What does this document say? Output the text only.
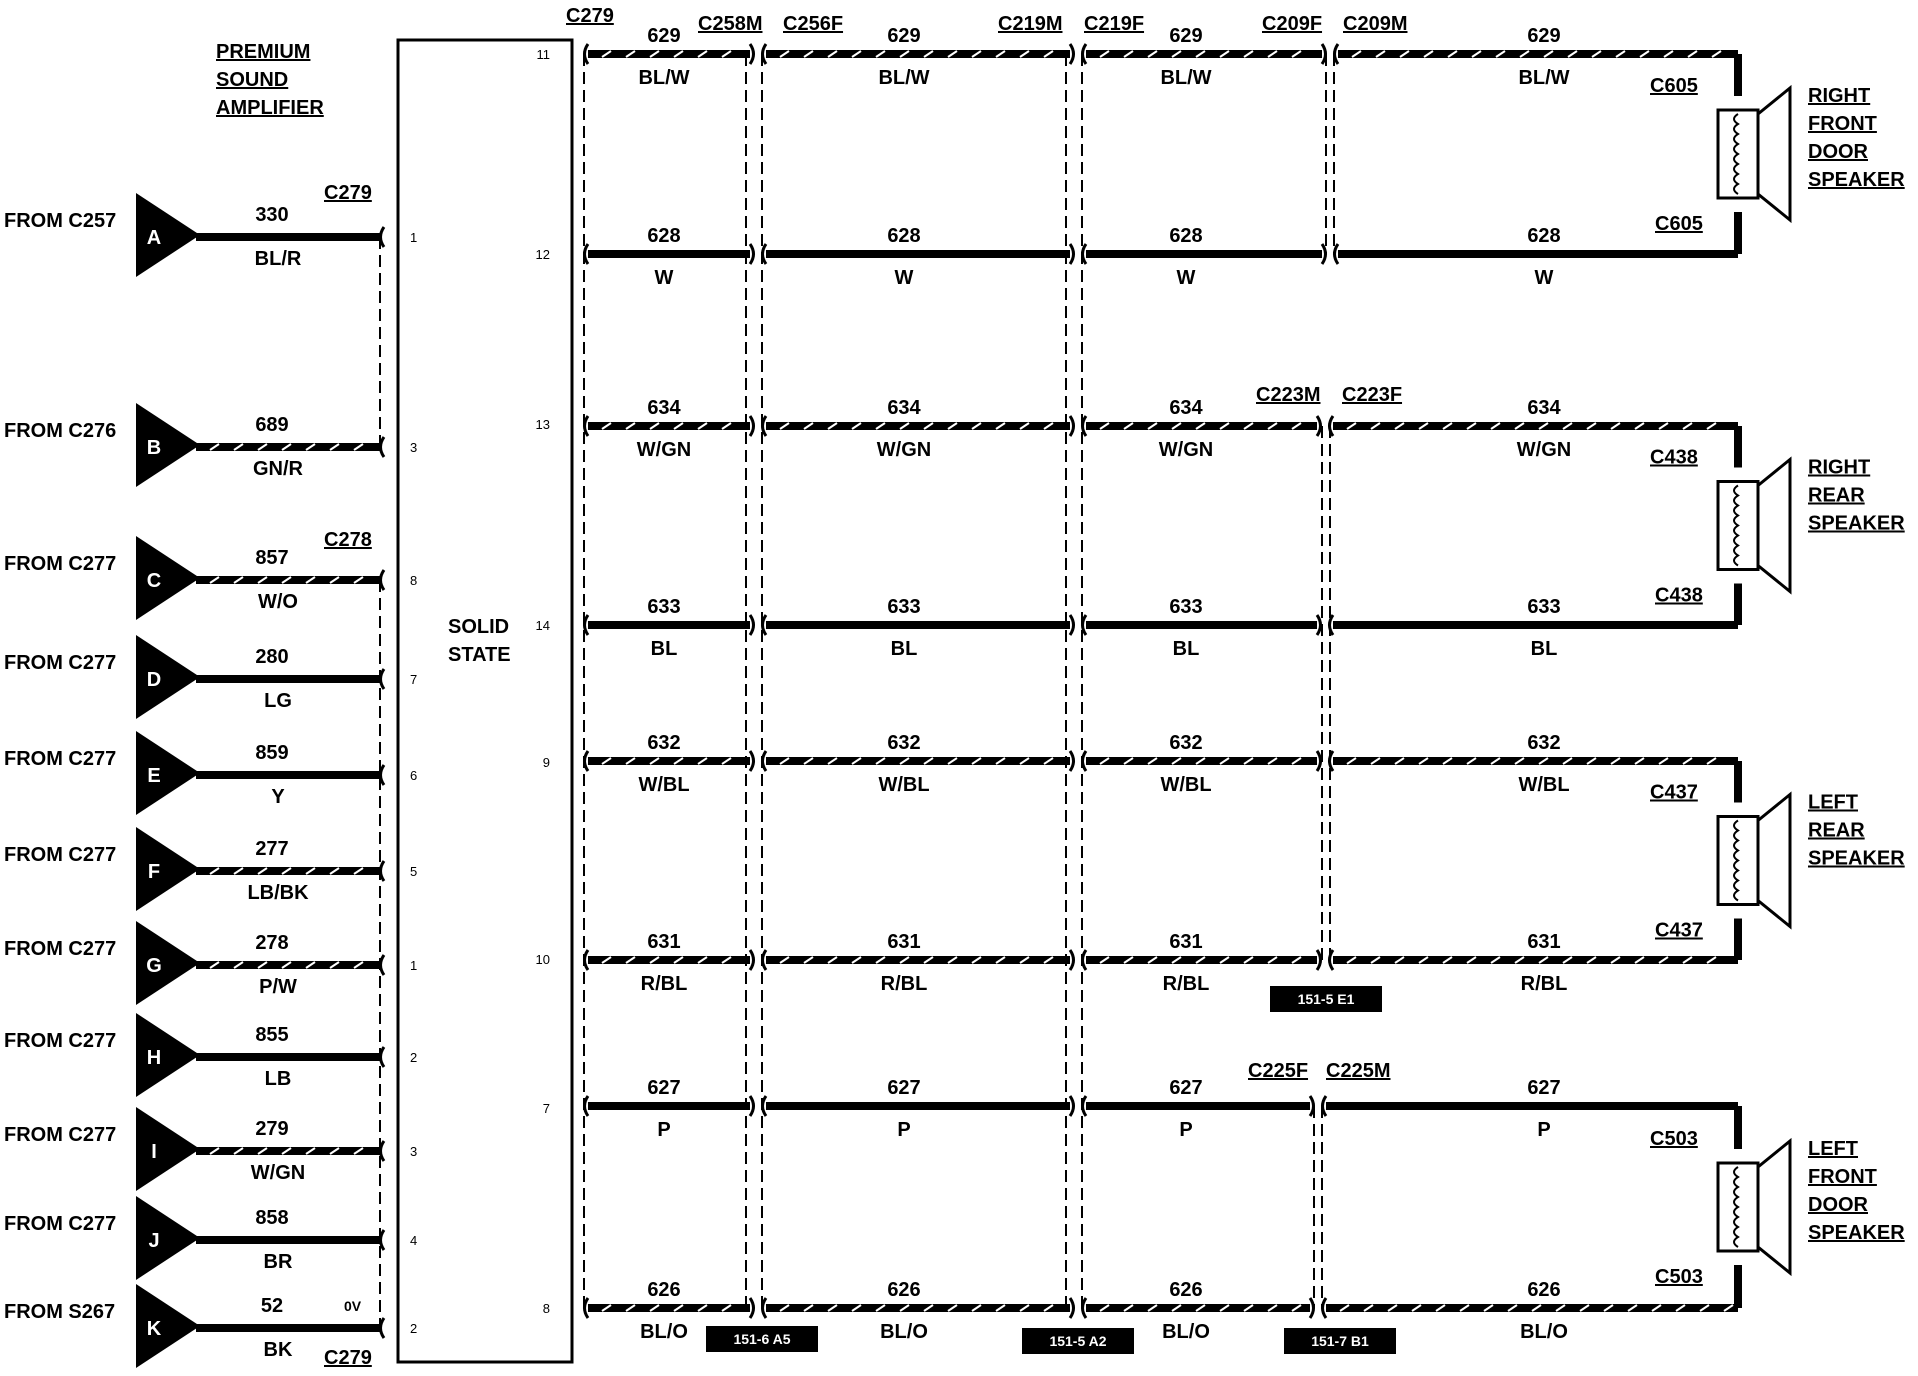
PREMIUM
SOUND
AMPLIFIER
SOLID
STATE
C279
C278
C279
0V
C279	C258M C256F	C219M C219F	C209F C209M
C223M C223F
C225F C225M
C605
C605
RIGHT
FRONT
DOOR
SPEAKER
C438
C438
RIGHT
REAR
SPEAKER
C437
C437
LEFT
REAR
SPEAKER
C503
C503
LEFT
FRONT
DOOR
SPEAKER
FROM C257
A
330
BL/R
1
FROM C276
B
689
GN/R
3
FROM C277
C
857
W/O
8
FROM C277
D
280
LG
7
FROM C277
E
859
Y
6
FROM C277
F
277
LB/BK
5
FROM C277
G
278
P/W
1
FROM C277
H
855
LB
2
FROM C277
I
279
W/GN
3
FROM C277
J
858
BR
4
FROM S267
K
52
BK
2
11
629
BL/W
629
BL/W
629
BL/W
629
BL/W
12
628
W
628
W
628
W
628
W
13
634
W/GN
634
W/GN
634
W/GN
634
W/GN
14
633
BL
633
BL
633
BL
633
BL
9
632
W/BL
632
W/BL
632
W/BL
632
W/BL
10
631
R/BL
631
R/BL
631
R/BL
631
R/BL
7
627
P
627
P
627
P
627
P
8
626
BL/O
626
BL/O
626
BL/O
626
BL/O
151-5 E1
151-6 A5	151-5 A2	151-7 B1
